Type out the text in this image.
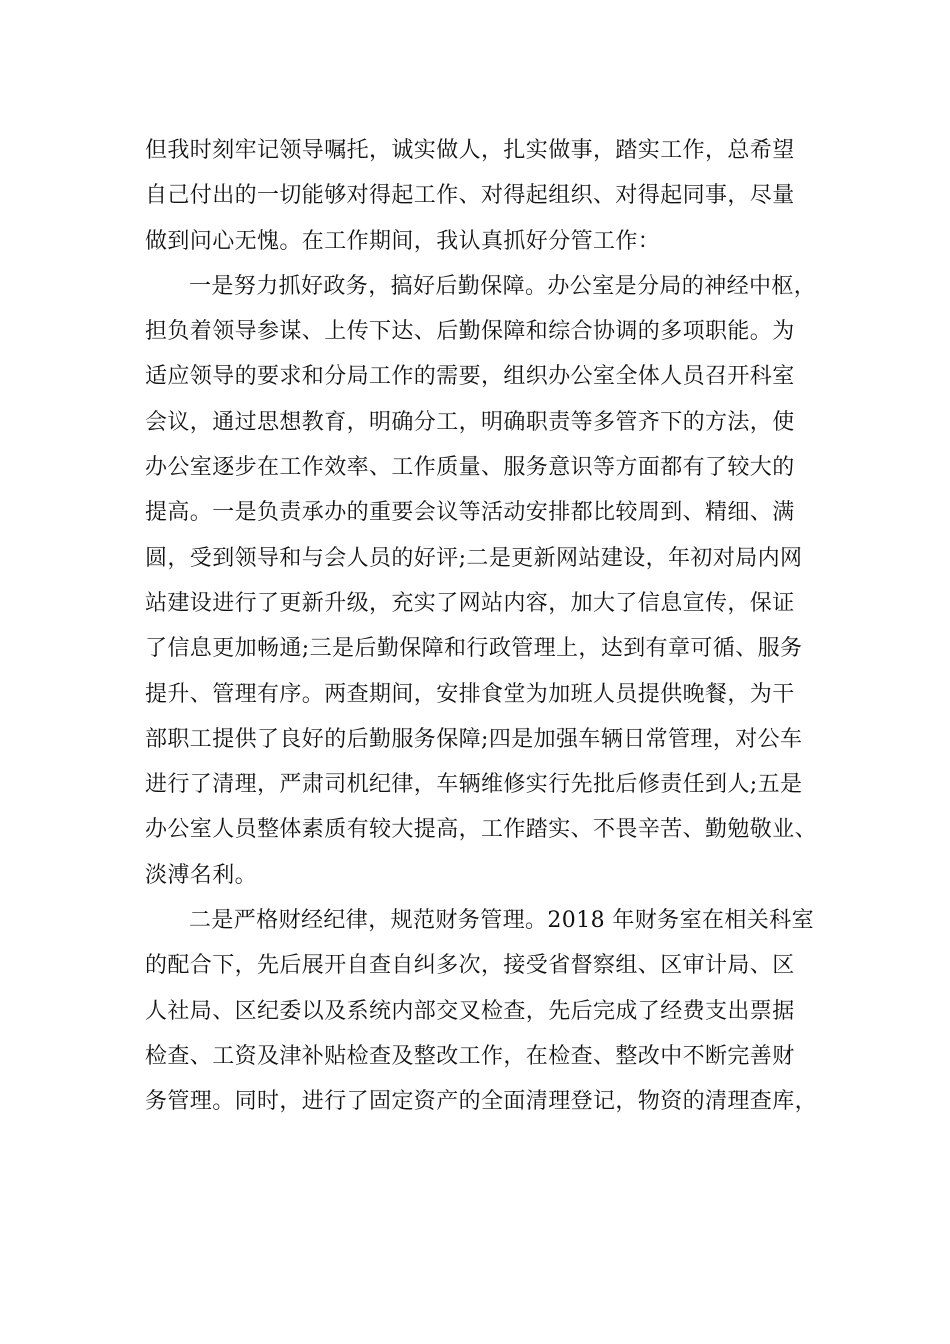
但我时刻牢记领导嘱托，诚实做人，扎实做事，踏实工作，总希望
自己付出的一切能够对得起工作、对得起组织、对得起同事，尽量
做到问心无愧。在工作期间，我认真抓好分管工作：
一是努力抓好政务，搞好后勤保障。办公室是分局的神经中枢，
担负着领导参谋、上传下达、后勤保障和综合协调的多项职能。为
适应领导的要求和分局工作的需要，组织办公室全体人员召开科室
会议，通过思想教育，明确分工，明确职责等多管齐下的方法，使
办公室逐步在工作效率、工作质量、服务意识等方面都有了较大的
提高。一是负责承办的重要会议等活动安排都比较周到、精细、满
圆，受到领导和与会人员的好评;二是更新网站建设，年初对局内网
站建设进行了更新升级，充实了网站内容，加大了信息宣传，保证
了信息更加畅通;三是后勤保障和行政管理上，达到有章可循、服务
提升、管理有序。两查期间，安排食堂为加班人员提供晚餐，为干
部职工提供了良好的后勤服务保障;四是加强车辆日常管理，对公车
进行了清理，严肃司机纪律，车辆维修实行先批后修责任到人;五是
办公室人员整体素质有较大提高，工作踏实、不畏辛苦、勤勉敬业、
淡溥名利。
二是严格财经纪律，规范财务管理。2018 年财务室在相关科室
的配合下，先后展开自查自纠多次，接受省督察组、区审计局、区
人社局、区纪委以及系统内部交叉检查，先后完成了经费支出票据
检查、工资及津补贴检查及整改工作，在检查、整改中不断完善财
务管理。同时，进行了固定资产的全面清理登记，物资的清理查库，
